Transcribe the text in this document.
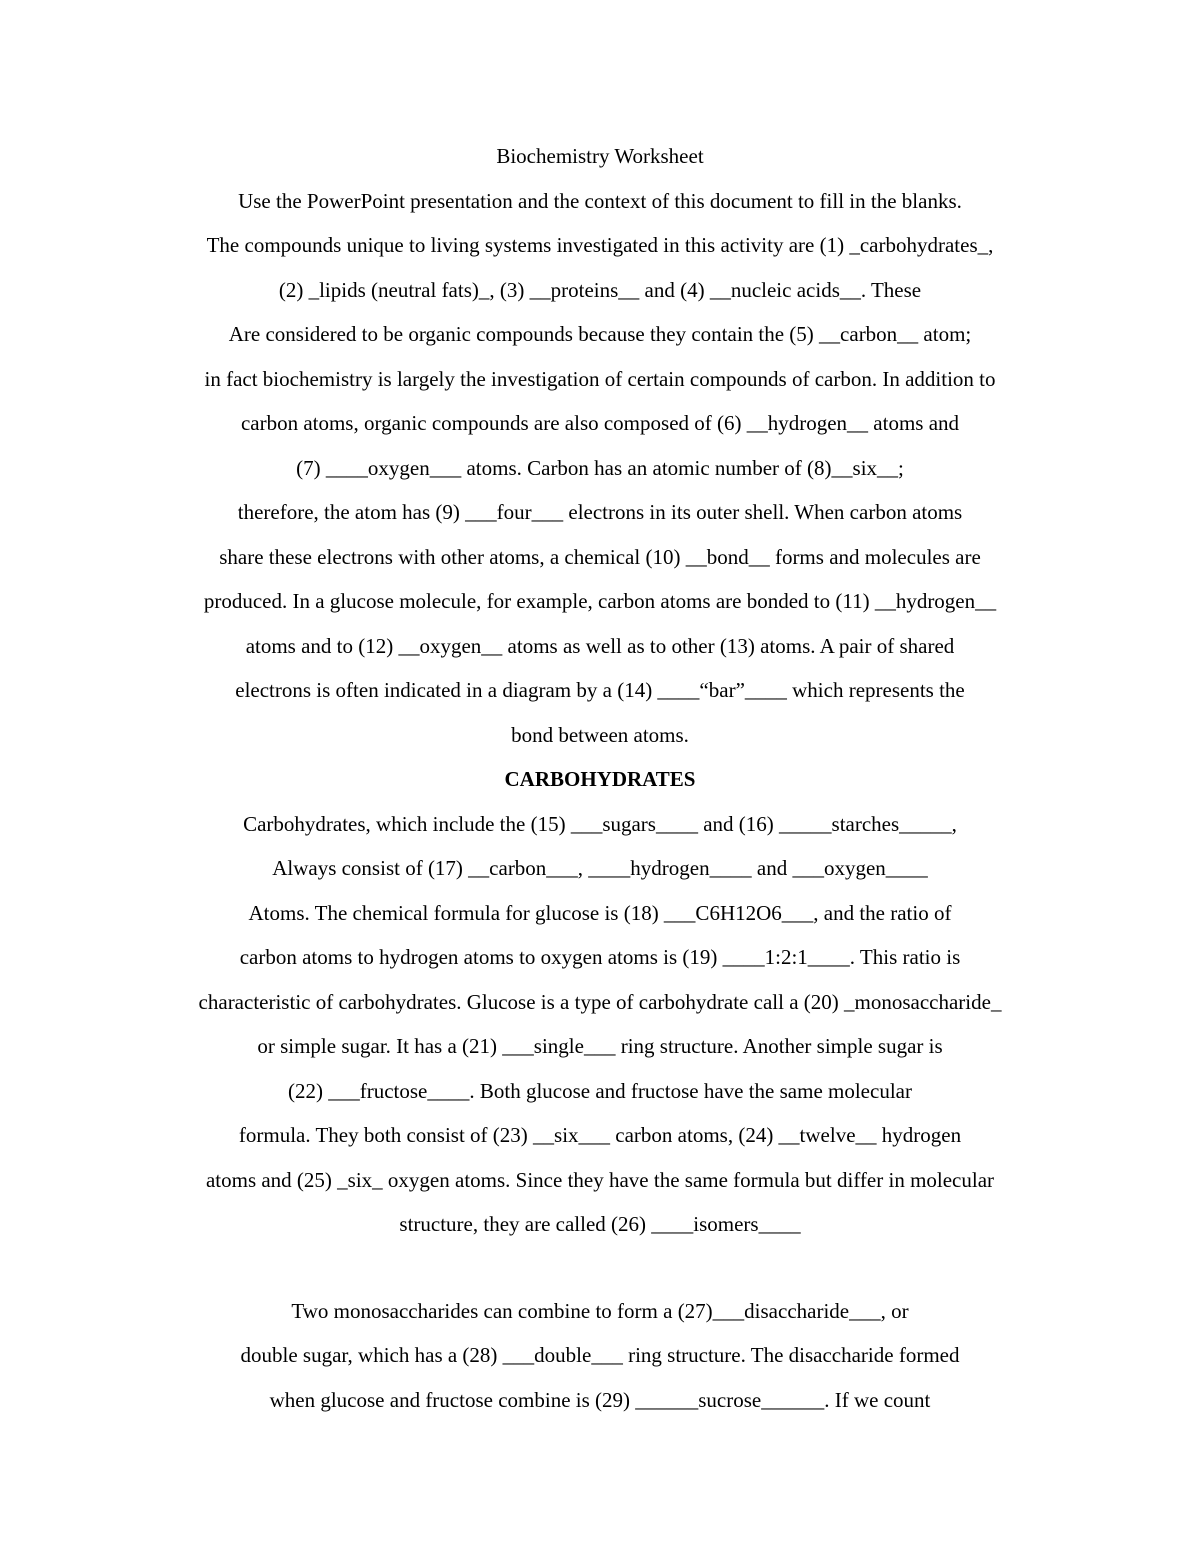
Biochemistry Worksheet
Use the PowerPoint presentation and the context of this document to fill in the blanks.
The compounds unique to living systems investigated in this activity are (1) _carbohydrates_,
(2) _lipids (neutral fats)_, (3) __proteins__ and (4) __nucleic acids__. These
Are considered to be organic compounds because they contain the (5) __carbon__ atom;
in fact biochemistry is largely the investigation of certain compounds of carbon. In addition to
carbon atoms, organic compounds are also composed of (6) __hydrogen__ atoms and
(7) ____oxygen___ atoms. Carbon has an atomic number of (8)__six__;
therefore, the atom has (9) ___four___ electrons in its outer shell. When carbon atoms
share these electrons with other atoms, a chemical (10) __bond__ forms and molecules are
produced. In a glucose molecule, for example, carbon atoms are bonded to (11) __hydrogen__
atoms and to (12) __oxygen__ atoms as well as to other (13) atoms. A pair of shared
electrons is often indicated in a diagram by a (14) ____“bar”____ which represents the
bond between atoms.
CARBOHYDRATES
Carbohydrates, which include the (15) ___sugars____ and (16) _____starches_____,
Always consist of (17) __carbon___, ____hydrogen____ and ___oxygen____
Atoms. The chemical formula for glucose is (18) ___C6H12O6___, and the ratio of
carbon atoms to hydrogen atoms to oxygen atoms is (19) ____1:2:1____. This ratio is
characteristic of carbohydrates. Glucose is a type of carbohydrate call a (20) _monosaccharide_
or simple sugar. It has a (21) ___single___ ring structure. Another simple sugar is
(22) ___fructose____. Both glucose and fructose have the same molecular
formula. They both consist of (23) __six___ carbon atoms, (24) __twelve__ hydrogen
atoms and (25) _six_ oxygen atoms. Since they have the same formula but differ in molecular
structure, they are called (26) ____isomers____
Two monosaccharides can combine to form a (27)___disaccharide___, or
double sugar, which has a (28) ___double___ ring structure. The disaccharide formed
when glucose and fructose combine is (29) ______sucrose______. If we count
